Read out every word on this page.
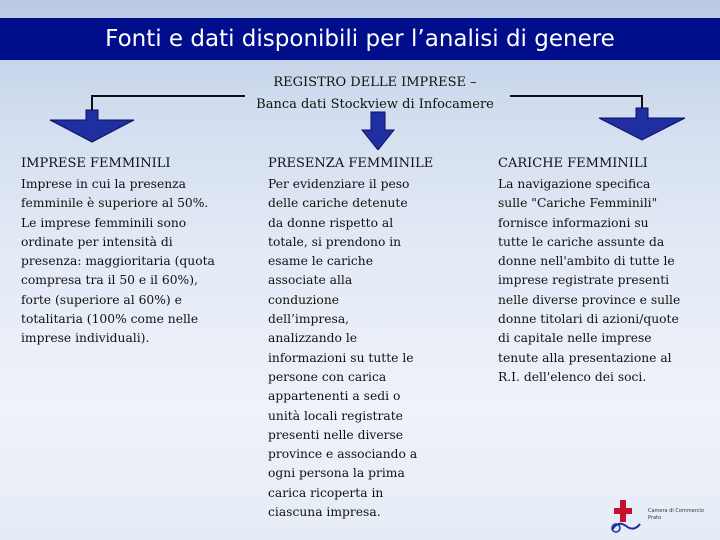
Fonti e dati disponibili per l’analisi di genere
REGISTRO DELLE IMPRESE –
Banca dati Stockview di Infocamere
IMPRESE FEMMINILI
Imprese in cui la presenza
femminile è superiore al 50%.
Le imprese femminili sono
ordinate per intensità di
presenza: maggioritaria (quota
compresa tra il 50 e il 60%),
forte (superiore al 60%) e
totalitaria (100% come nelle
imprese individuali).
PRESENZA FEMMINILE
Per evidenziare il peso
delle cariche detenute
da donne rispetto al
totale, si prendono in
esame le cariche
associate alla
conduzione
dell’impresa,
analizzando le
informazioni su tutte le
persone con carica
appartenenti a sedi o
unità locali registrate
presenti nelle diverse
province e associando a
ogni persona la prima
carica ricoperta in
ciascuna impresa.
CARICHE FEMMINILI
La navigazione specifica
sulle "Cariche Femminili"
fornisce informazioni su
tutte le cariche assunte da
donne nell'ambito di tutte le
imprese registrate presenti
nelle diverse province e sulle
donne titolari di azioni/quote
di capitale nelle imprese
tenute alla presentazione al
R.I. dell'elenco dei soci.
Camera di Commercio
Prato
